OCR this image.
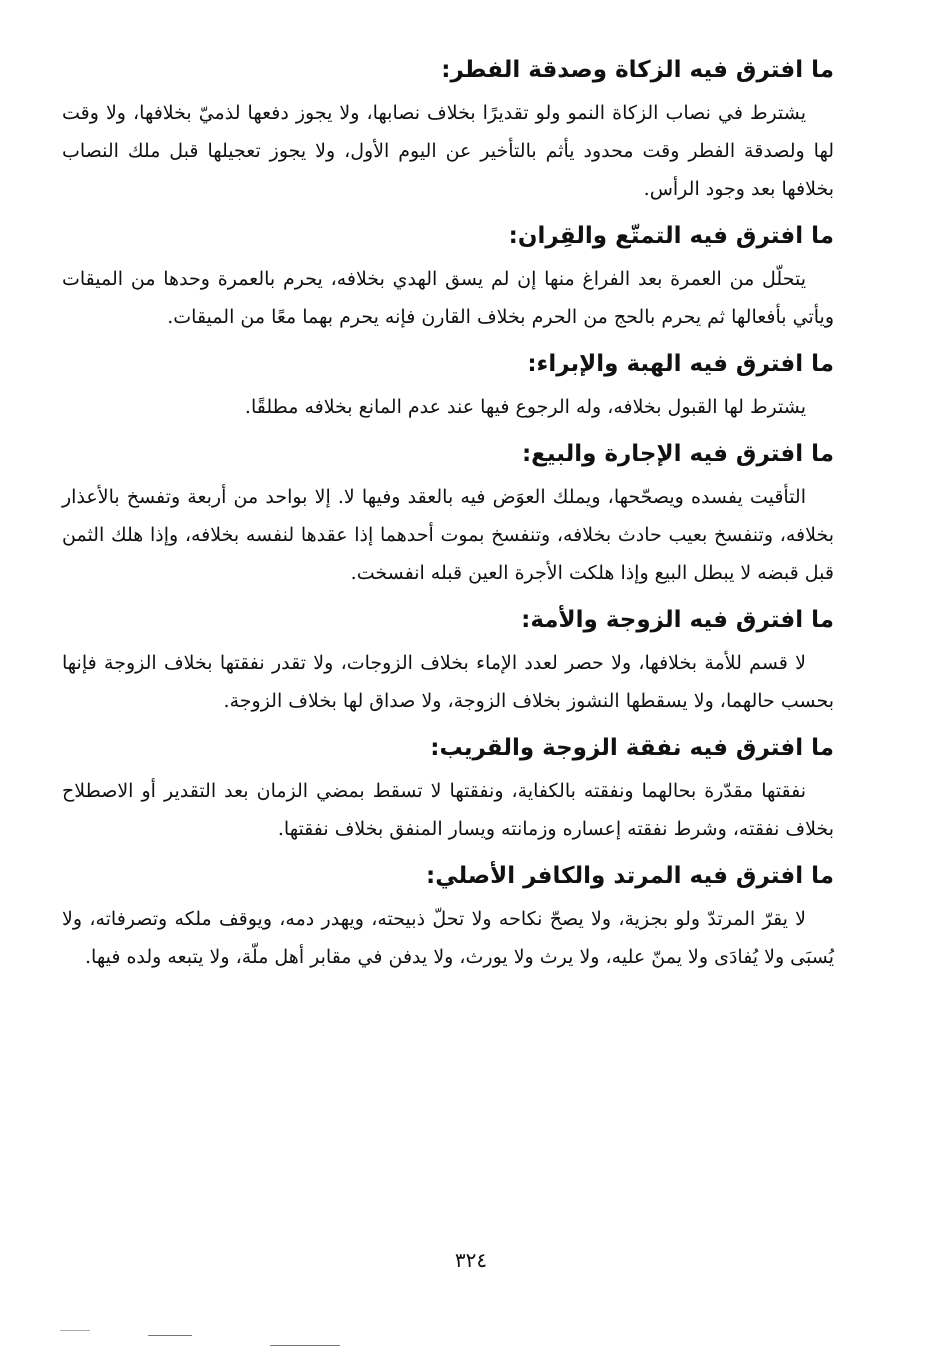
ما افترق فيه الزكاة وصدقة الفطر:

يشترط في نصاب الزكاة النمو ولو تقديرًا بخلاف نصابها، ولا يجوز دفعها لذميّ بخلافها، ولا وقت لها ولصدقة الفطر وقت محدود يأثم بالتأخير عن اليوم الأول، ولا يجوز تعجيلها قبل ملك النصاب بخلافها بعد وجود الرأس.

ما افترق فيه التمتّع والقِران:

يتحلّل من العمرة بعد الفراغ منها إن لم يسق الهدي بخلافه، يحرم بالعمرة وحدها من الميقات ويأتي بأفعالها ثم يحرم بالحج من الحرم بخلاف القارن فإنه يحرم بهما معًا من الميقات.

ما افترق فيه الهبة والإبراء:

يشترط لها القبول بخلافه، وله الرجوع فيها عند عدم المانع بخلافه مطلقًا.

ما افترق فيه الإجارة والبيع:

التأقيت يفسده ويصحّحها، ويملك العوَض فيه بالعقد وفيها لا. إلا بواحد من أربعة وتفسخ بالأعذار بخلافه، وتنفسخ بعيب حادث بخلافه، وتنفسخ بموت أحدهما إذا عقدها لنفسه بخلافه، وإذا هلك الثمن قبل قبضه لا يبطل البيع وإذا هلكت الأجرة العين قبله انفسخت.

ما افترق فيه الزوجة والأمة:

لا قسم للأمة بخلافها، ولا حصر لعدد الإماء بخلاف الزوجات، ولا تقدر نفقتها بخلاف الزوجة فإنها بحسب حالهما، ولا يسقطها النشوز بخلاف الزوجة، ولا صداق لها بخلاف الزوجة.

ما افترق فيه نفقة الزوجة والقريب:

نفقتها مقدّرة بحالهما ونفقته بالكفاية، ونفقتها لا تسقط بمضي الزمان بعد التقدير أو الاصطلاح بخلاف نفقته، وشرط نفقته إعساره وزمانته ويسار المنفق بخلاف نفقتها.

ما افترق فيه المرتد والكافر الأصلي:

لا يقرّ المرتدّ ولو بجزية، ولا يصحّ نكاحه ولا تحلّ ذبيحته، ويهدر دمه، ويوقف ملكه وتصرفاته، ولا يُسبَى ولا يُفادَى ولا يمنّ عليه، ولا يرث ولا يورث، ولا يدفن في مقابر أهل ملّة، ولا يتبعه ولده فيها.

٣٢٤
